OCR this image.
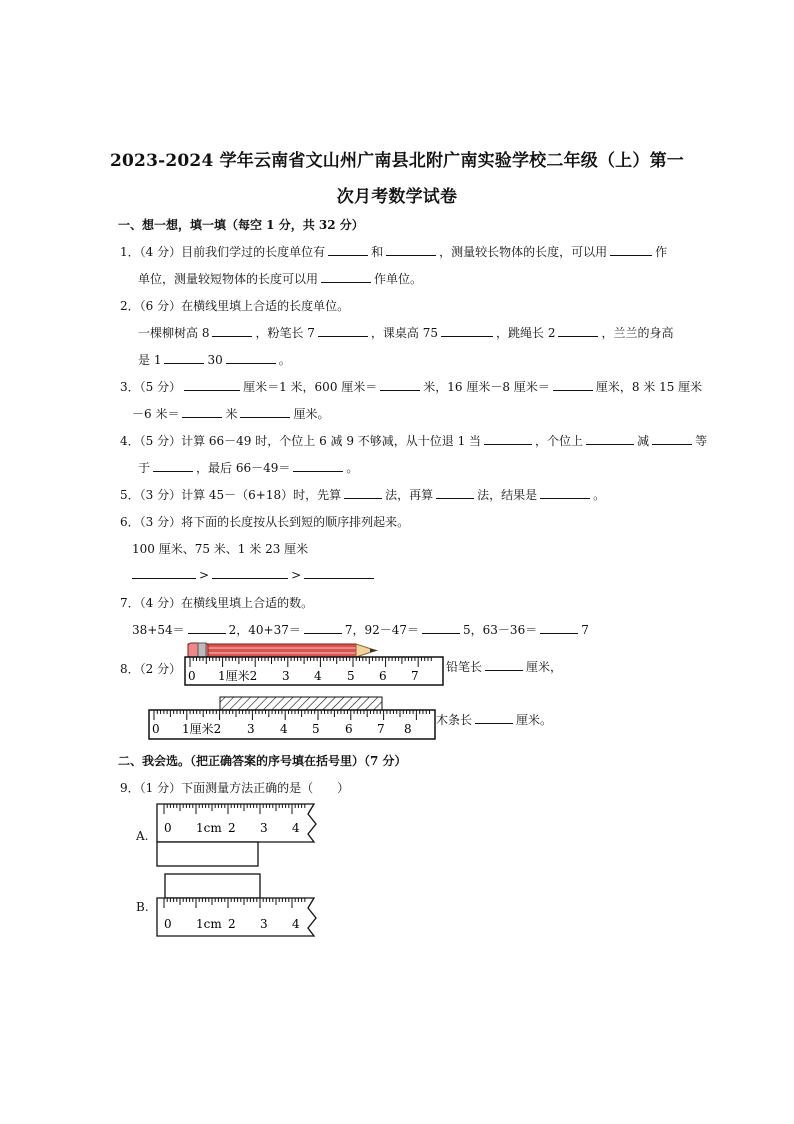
2023-2024 学年云南省文山州广南县北附广南实验学校二年级（上）第一
次月考数学试卷
一、想一想，填一填（每空 1 分，共 32 分）
1．（4 分）目前我们学过的长度单位有	和	，测量较长物体的长度，可以用	作
单位，测量较短物体的长度可以用	作单位。
2．（6 分）在横线里填上合适的长度单位。
一棵柳树高 8	，粉笔长 7	，课桌高 75	，跳绳长 2	，兰兰的身高
是 1	30	。
3．（5 分）	厘米＝1 米，600 厘米＝	米，16 厘米－8 厘米＝	厘米，8 米 15 厘米
－6 米＝	米	厘米。
4．（5 分）计算 66－49 时，个位上 6 减 9 不够减，从十位退 1 当	，个位上	减	等
于	，最后 66－49＝	。
5．（3 分）计算 45－（6+18）时，先算	法，再算	法，结果是	。
6．（3 分）将下面的长度按从长到短的顺序排列起来。
100 厘米、75 米、1 米 23 厘米
>	>
7．（4 分）在横线里填上合适的数。
38+54＝	2，40+37＝	7，92－47＝	5，63－36＝	7
8．（2 分） 0 1厘米2 3 4 5 6 7
铅笔长	厘米，
0 1厘米2 3 4 5 6 7 8
木条长	厘米。
二、我会选。（把正确答案的序号填在括号里）（7 分）
9．（1 分）下面测量方法正确的是（　　）
A.
0 1cm 2 3 4
B.
0 1cm 2 3 4
